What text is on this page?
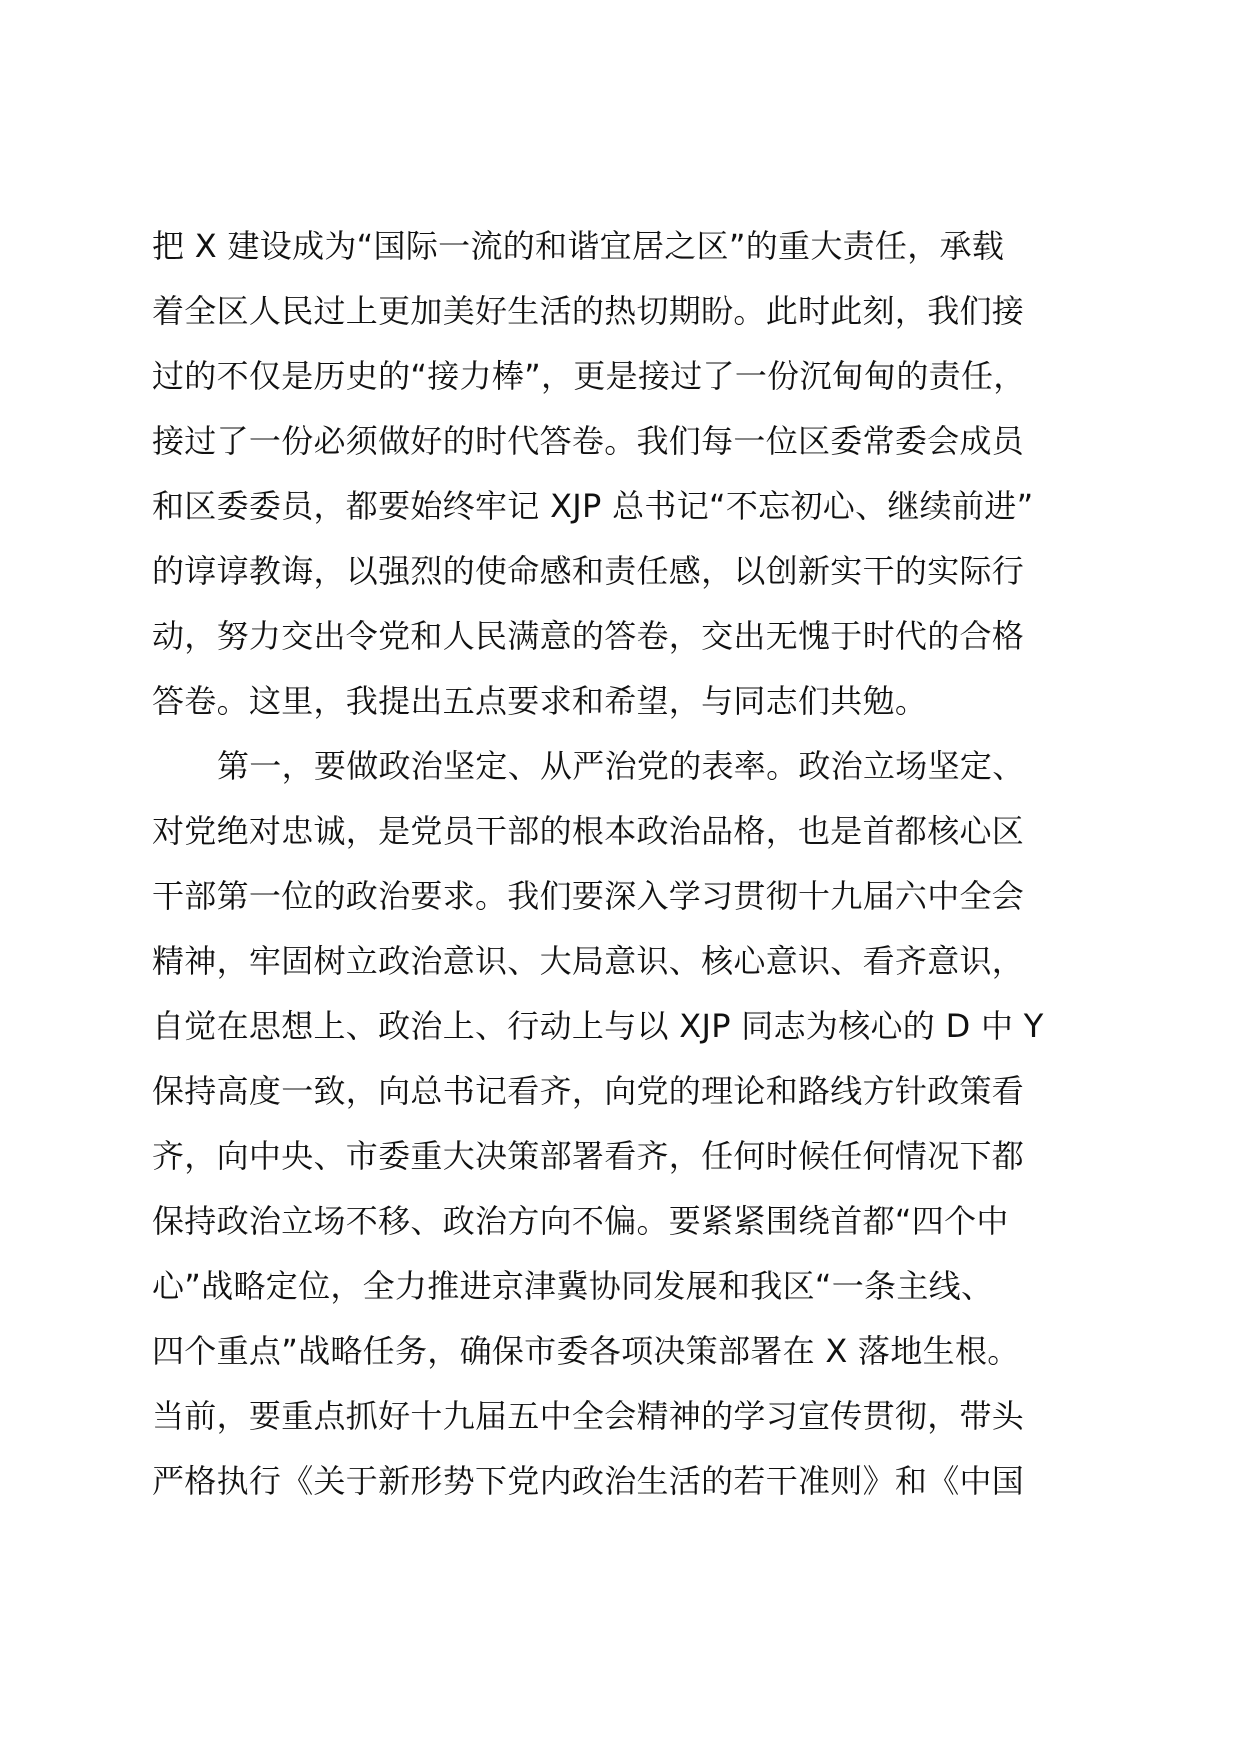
把 X 建设成为“国际一流的和谐宜居之区”的重大责任，承载
着全区人民过上更加美好生活的热切期盼。此时此刻，我们接
过的不仅是历史的“接力棒”，更是接过了一份沉甸甸的责任，
接过了一份必须做好的时代答卷。我们每一位区委常委会成员
和区委委员，都要始终牢记 XJP 总书记“不忘初心、继续前进”
的谆谆教诲，以强烈的使命感和责任感，以创新实干的实际行
动，努力交出令党和人民满意的答卷，交出无愧于时代的合格
答卷。这里，我提出五点要求和希望，与同志们共勉。
第一，要做政治坚定、从严治党的表率。政治立场坚定、
对党绝对忠诚，是党员干部的根本政治品格，也是首都核心区
干部第一位的政治要求。我们要深入学习贯彻十九届六中全会
精神，牢固树立政治意识、大局意识、核心意识、看齐意识，
自觉在思想上、政治上、行动上与以 XJP 同志为核心的 D 中 Y
保持高度一致，向总书记看齐，向党的理论和路线方针政策看
齐，向中央、市委重大决策部署看齐，任何时候任何情况下都
保持政治立场不移、政治方向不偏。要紧紧围绕首都“四个中
心”战略定位，全力推进京津冀协同发展和我区“一条主线、
四个重点”战略任务，确保市委各项决策部署在 X 落地生根。
当前，要重点抓好十九届五中全会精神的学习宣传贯彻，带头
严格执行《关于新形势下党内政治生活的若干准则》和《中国
